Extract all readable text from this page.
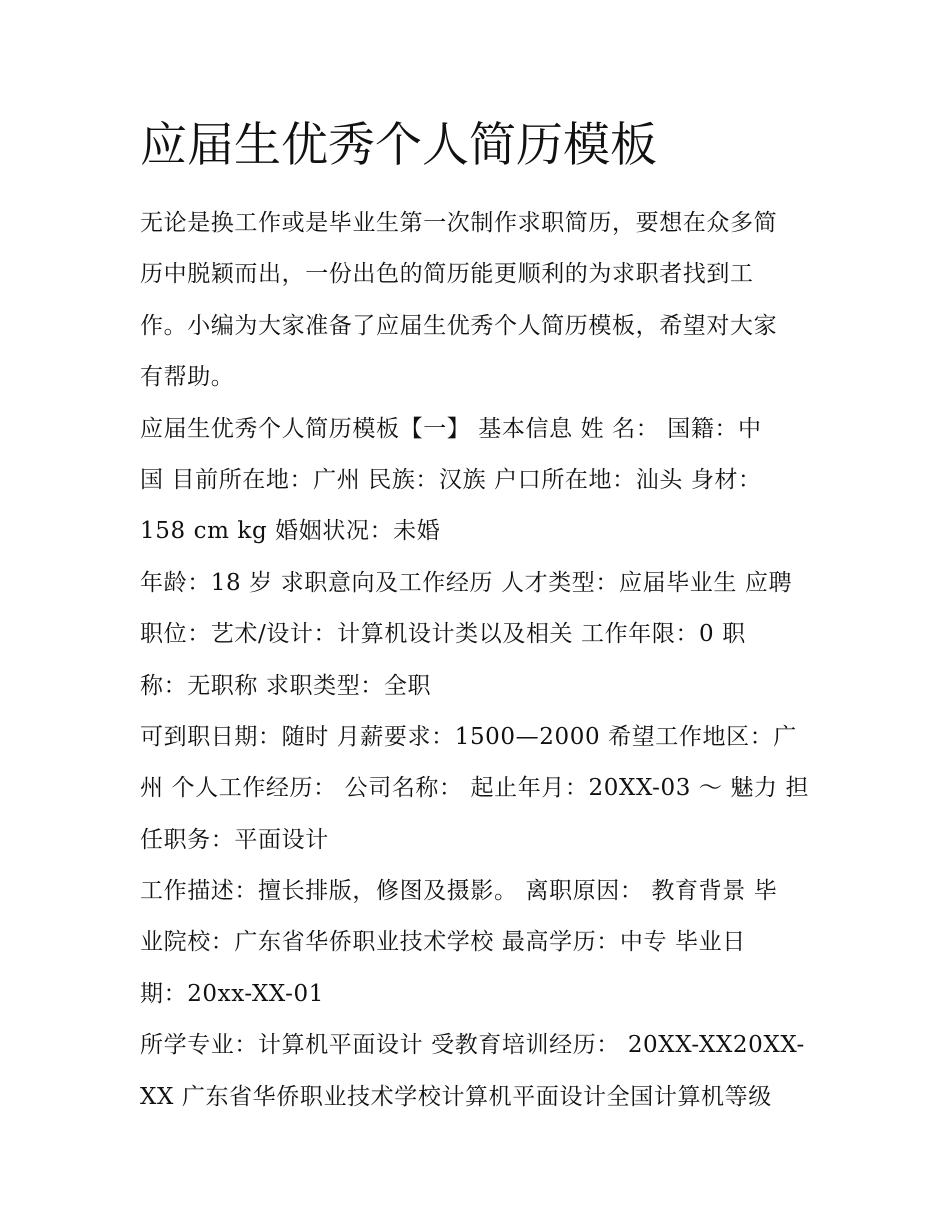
应届生优秀个人简历模板
无论是换工作或是毕业生第一次制作求职简历，要想在众多简
历中脱颖而出，一份出色的简历能更顺利的为求职者找到工
作。小编为大家准备了应届生优秀个人简历模板，希望对大家
有帮助。
应届生优秀个人简历模板【一】 基本信息 姓 名： 国籍：中
国 目前所在地：广州 民族：汉族 户口所在地：汕头 身材：
158 cm kg 婚姻状况：未婚
年龄：18 岁 求职意向及工作经历 人才类型：应届毕业生 应聘
职位：艺术/设计：计算机设计类以及相关 工作年限：0 职
称：无职称 求职类型：全职
可到职日期：随时 月薪要求：1500—2000 希望工作地区：广
州 个人工作经历： 公司名称： 起止年月：20XX-03 ～ 魅力 担
任职务：平面设计
工作描述：擅长排版，修图及摄影。 离职原因： 教育背景 毕
业院校：广东省华侨职业技术学校 最高学历：中专 毕业日
期：20xx-XX-01
所学专业：计算机平面设计 受教育培训经历： 20XX-XX20XX-
XX 广东省华侨职业技术学校计算机平面设计全国计算机等级
